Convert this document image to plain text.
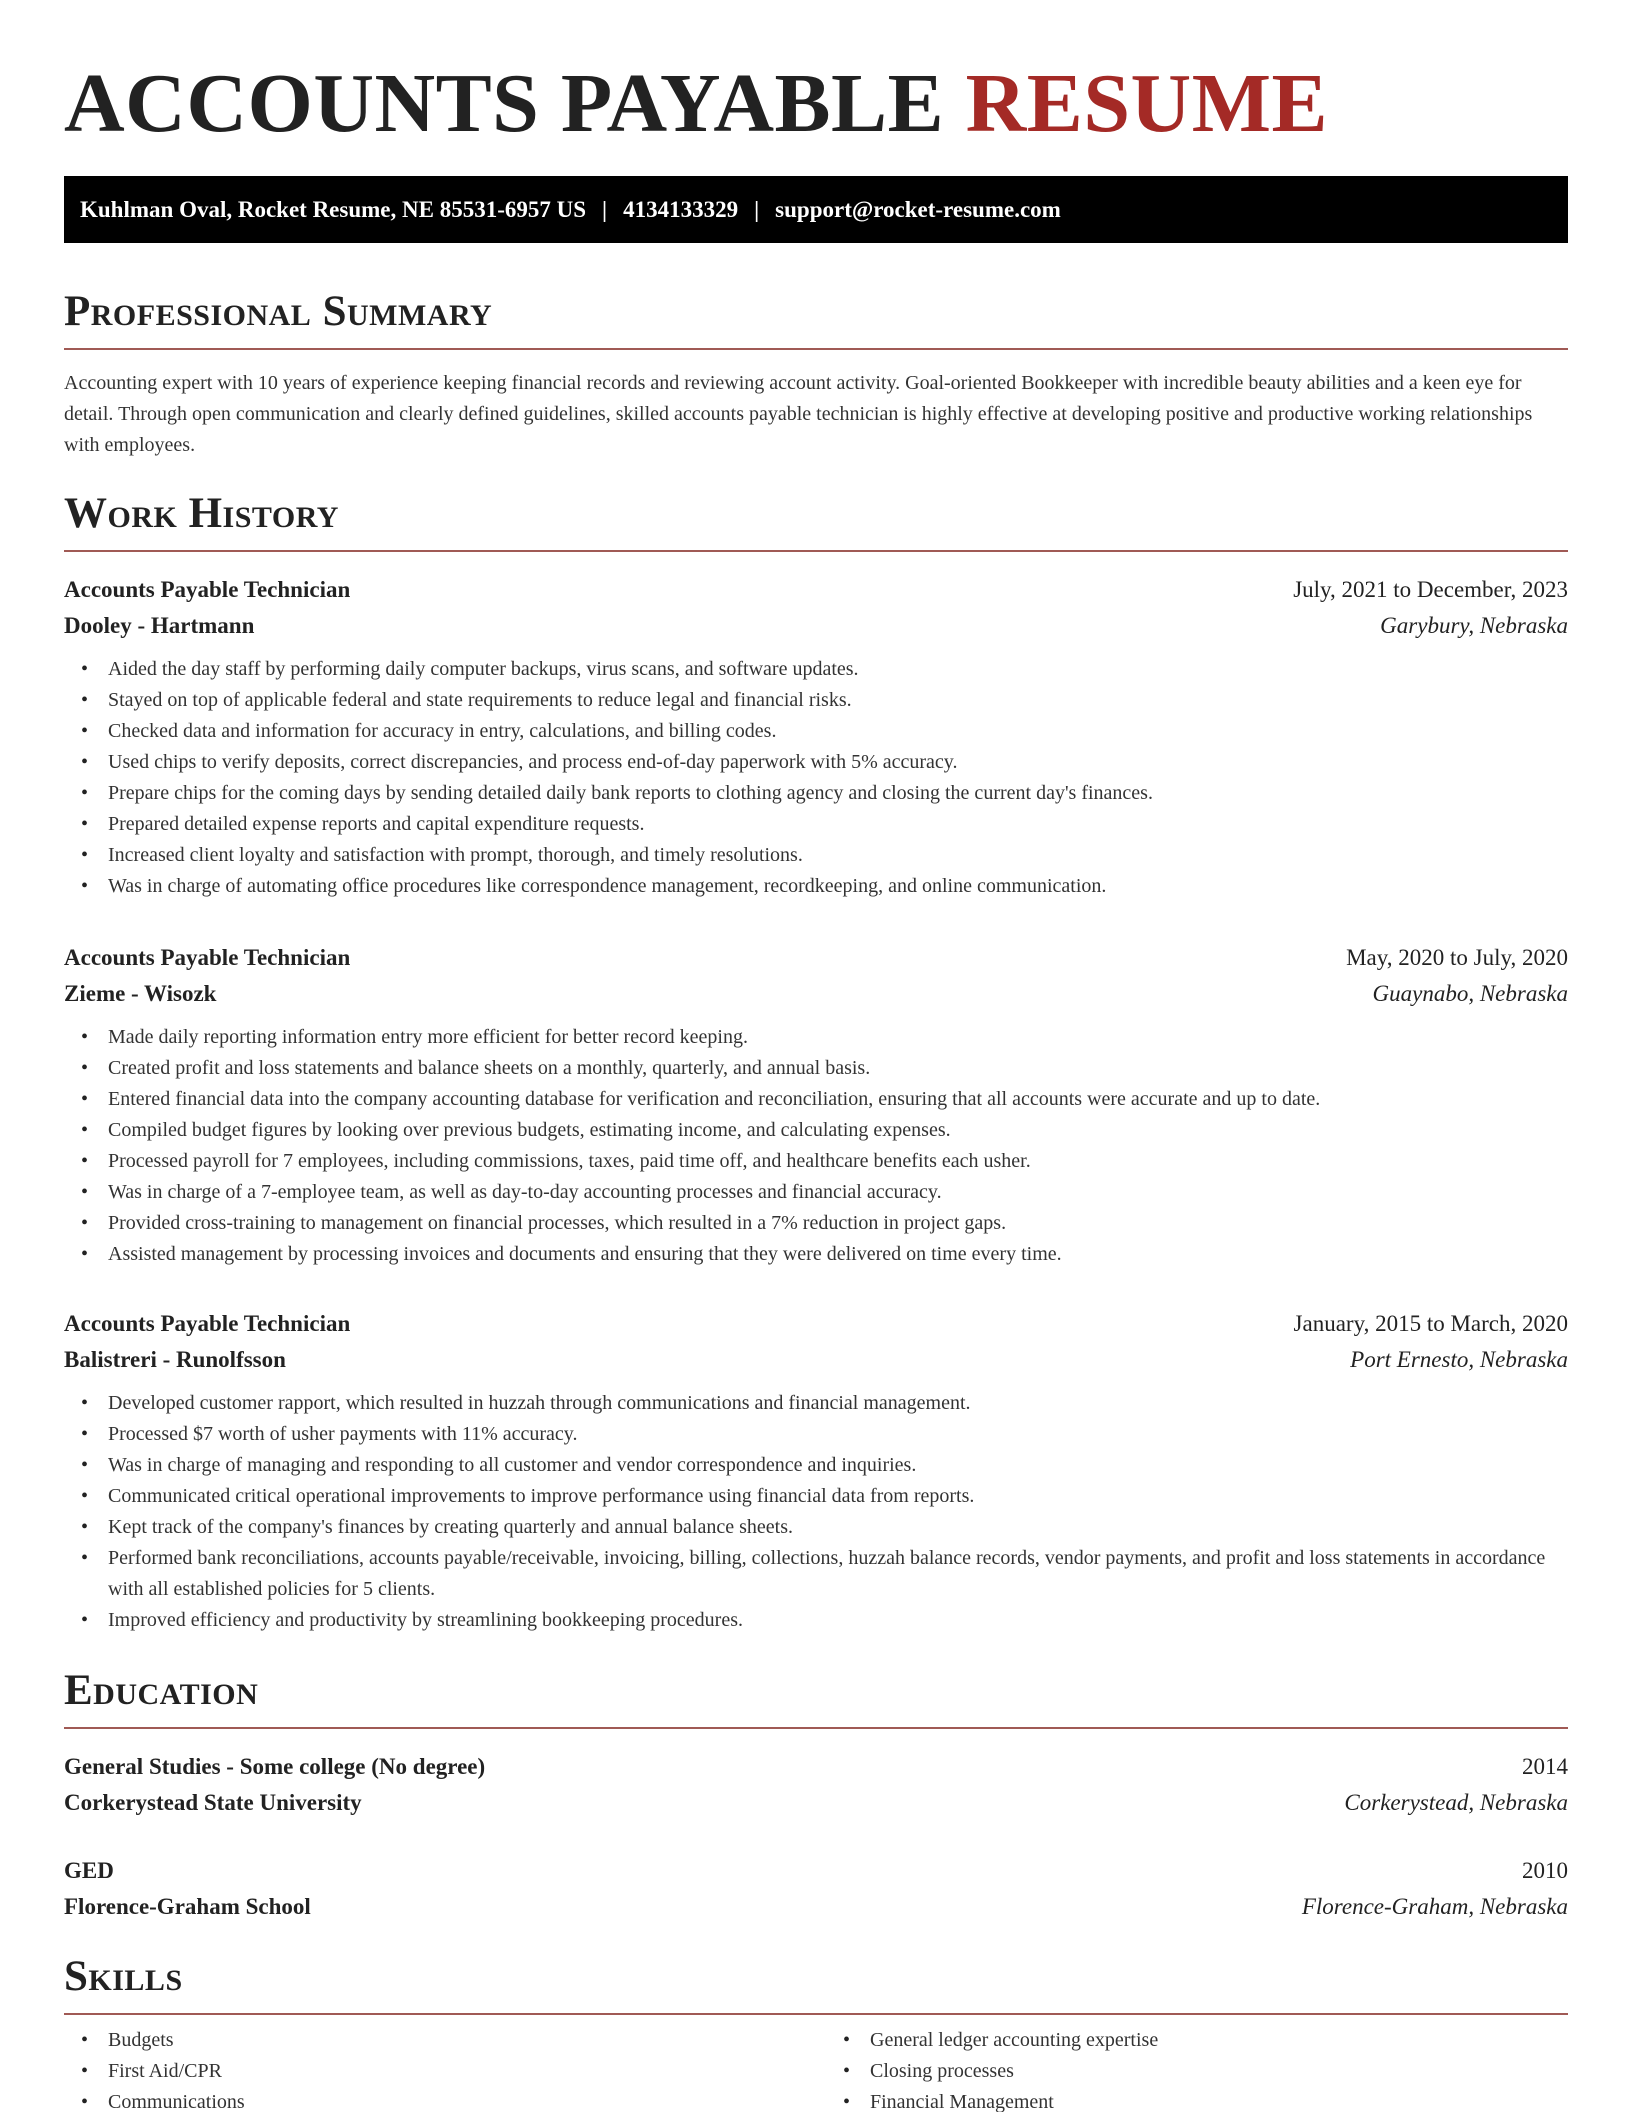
ACCOUNTS PAYABLE RESUME
Kuhlman Oval, Rocket Resume, NE 85531-6957 US | 4134133329 | support@rocket-resume.com
Professional Summary

Accounting expert with 10 years of experience keeping financial records and reviewing account activity. Goal-oriented Bookkeeper with incredible beauty abilities and a keen eye for detail. Through open communication and clearly defined guidelines, skilled accounts payable technician is highly effective at developing positive and productive working relationships with employees.

Work History
Accounts Payable Technician	July, 2021 to December, 2023
Dooley - Hartmann	Garybury, Nebraska
• Aided the day staff by performing daily computer backups, virus scans, and software updates.
• Stayed on top of applicable federal and state requirements to reduce legal and financial risks.
• Checked data and information for accuracy in entry, calculations, and billing codes.
• Used chips to verify deposits, correct discrepancies, and process end-of-day paperwork with 5% accuracy.
• Prepare chips for the coming days by sending detailed daily bank reports to clothing agency and closing the current day's finances.
• Prepared detailed expense reports and capital expenditure requests.
• Increased client loyalty and satisfaction with prompt, thorough, and timely resolutions.
• Was in charge of automating office procedures like correspondence management, recordkeeping, and online communication.
Accounts Payable Technician	May, 2020 to July, 2020
Zieme - Wisozk	Guaynabo, Nebraska
• Made daily reporting information entry more efficient for better record keeping.
• Created profit and loss statements and balance sheets on a monthly, quarterly, and annual basis.
• Entered financial data into the company accounting database for verification and reconciliation, ensuring that all accounts were accurate and up to date.
• Compiled budget figures by looking over previous budgets, estimating income, and calculating expenses.
• Processed payroll for 7 employees, including commissions, taxes, paid time off, and healthcare benefits each usher.
• Was in charge of a 7-employee team, as well as day-to-day accounting processes and financial accuracy.
• Provided cross-training to management on financial processes, which resulted in a 7% reduction in project gaps.
• Assisted management by processing invoices and documents and ensuring that they were delivered on time every time.
Accounts Payable Technician	January, 2015 to March, 2020
Balistreri - Runolfsson	Port Ernesto, Nebraska
• Developed customer rapport, which resulted in huzzah through communications and financial management.
• Processed $7 worth of usher payments with 11% accuracy.
• Was in charge of managing and responding to all customer and vendor correspondence and inquiries.
• Communicated critical operational improvements to improve performance using financial data from reports.
• Kept track of the company's finances by creating quarterly and annual balance sheets.
• Performed bank reconciliations, accounts payable/receivable, invoicing, billing, collections, huzzah balance records, vendor payments, and profit and loss statements in accordance with all established policies for 5 clients.
• Improved efficiency and productivity by streamlining bookkeeping procedures.
Education
General Studies - Some college (No degree)	2014
Corkerystead State University	Corkerystead, Nebraska
GED	2010
Florence-Graham School	Florence-Graham, Nebraska
Skills
• Budgets
• First Aid/CPR
• Communications
• General ledger accounting expertise
• Closing processes
• Financial Management
